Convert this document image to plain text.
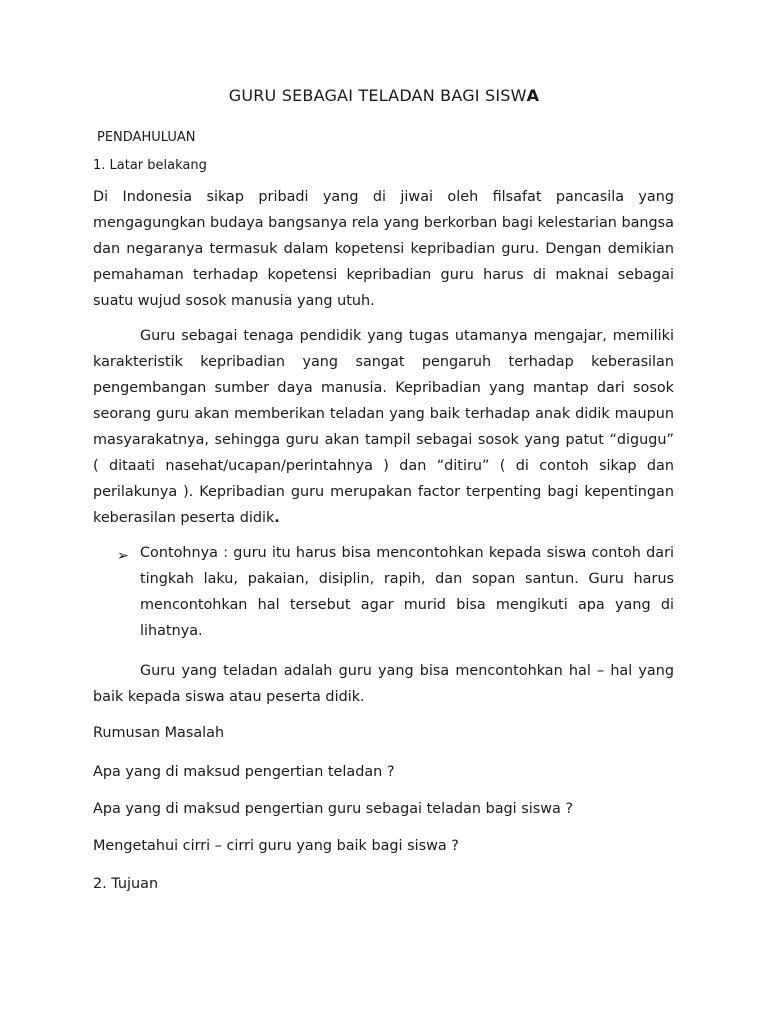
GURU SEBAGAI TELADAN BAGI SISWA
PENDAHULUAN
1. Latar belakang
Di Indonesia sikap pribadi yang di jiwai oleh filsafat pancasila yang mengagungkan budaya bangsanya rela yang berkorban bagi kelestarian bangsa dan negaranya termasuk dalam kopetensi kepribadian guru. Dengan demikian pemahaman terhadap kopetensi kepribadian guru harus di maknai sebagai suatu wujud sosok manusia yang utuh.
Guru sebagai tenaga pendidik yang tugas utamanya mengajar, memiliki karakteristik kepribadian yang sangat pengaruh terhadap keberasilan pengembangan sumber daya manusia. Kepribadian yang mantap dari sosok seorang guru akan memberikan teladan yang baik terhadap anak didik maupun masyarakatnya, sehingga guru akan tampil sebagai sosok yang patut “digugu” ( ditaati nasehat/ucapan/perintahnya ) dan “ditiru” ( di contoh sikap dan perilakunya ). Kepribadian guru merupakan factor terpenting bagi kepentingan keberasilan peserta didik.
➢ Contohnya : guru itu harus bisa mencontohkan kepada siswa contoh dari tingkah laku, pakaian, disiplin, rapih, dan sopan santun. Guru harus mencontohkan hal tersebut agar murid bisa mengikuti apa yang di lihatnya.
Guru yang teladan adalah guru yang bisa mencontohkan hal – hal yang baik kepada siswa atau peserta didik.
Rumusan Masalah
Apa yang di maksud pengertian teladan ?
Apa yang di maksud pengertian guru sebagai teladan bagi siswa ?
Mengetahui cirri – cirri guru yang baik bagi siswa ?
2. Tujuan
